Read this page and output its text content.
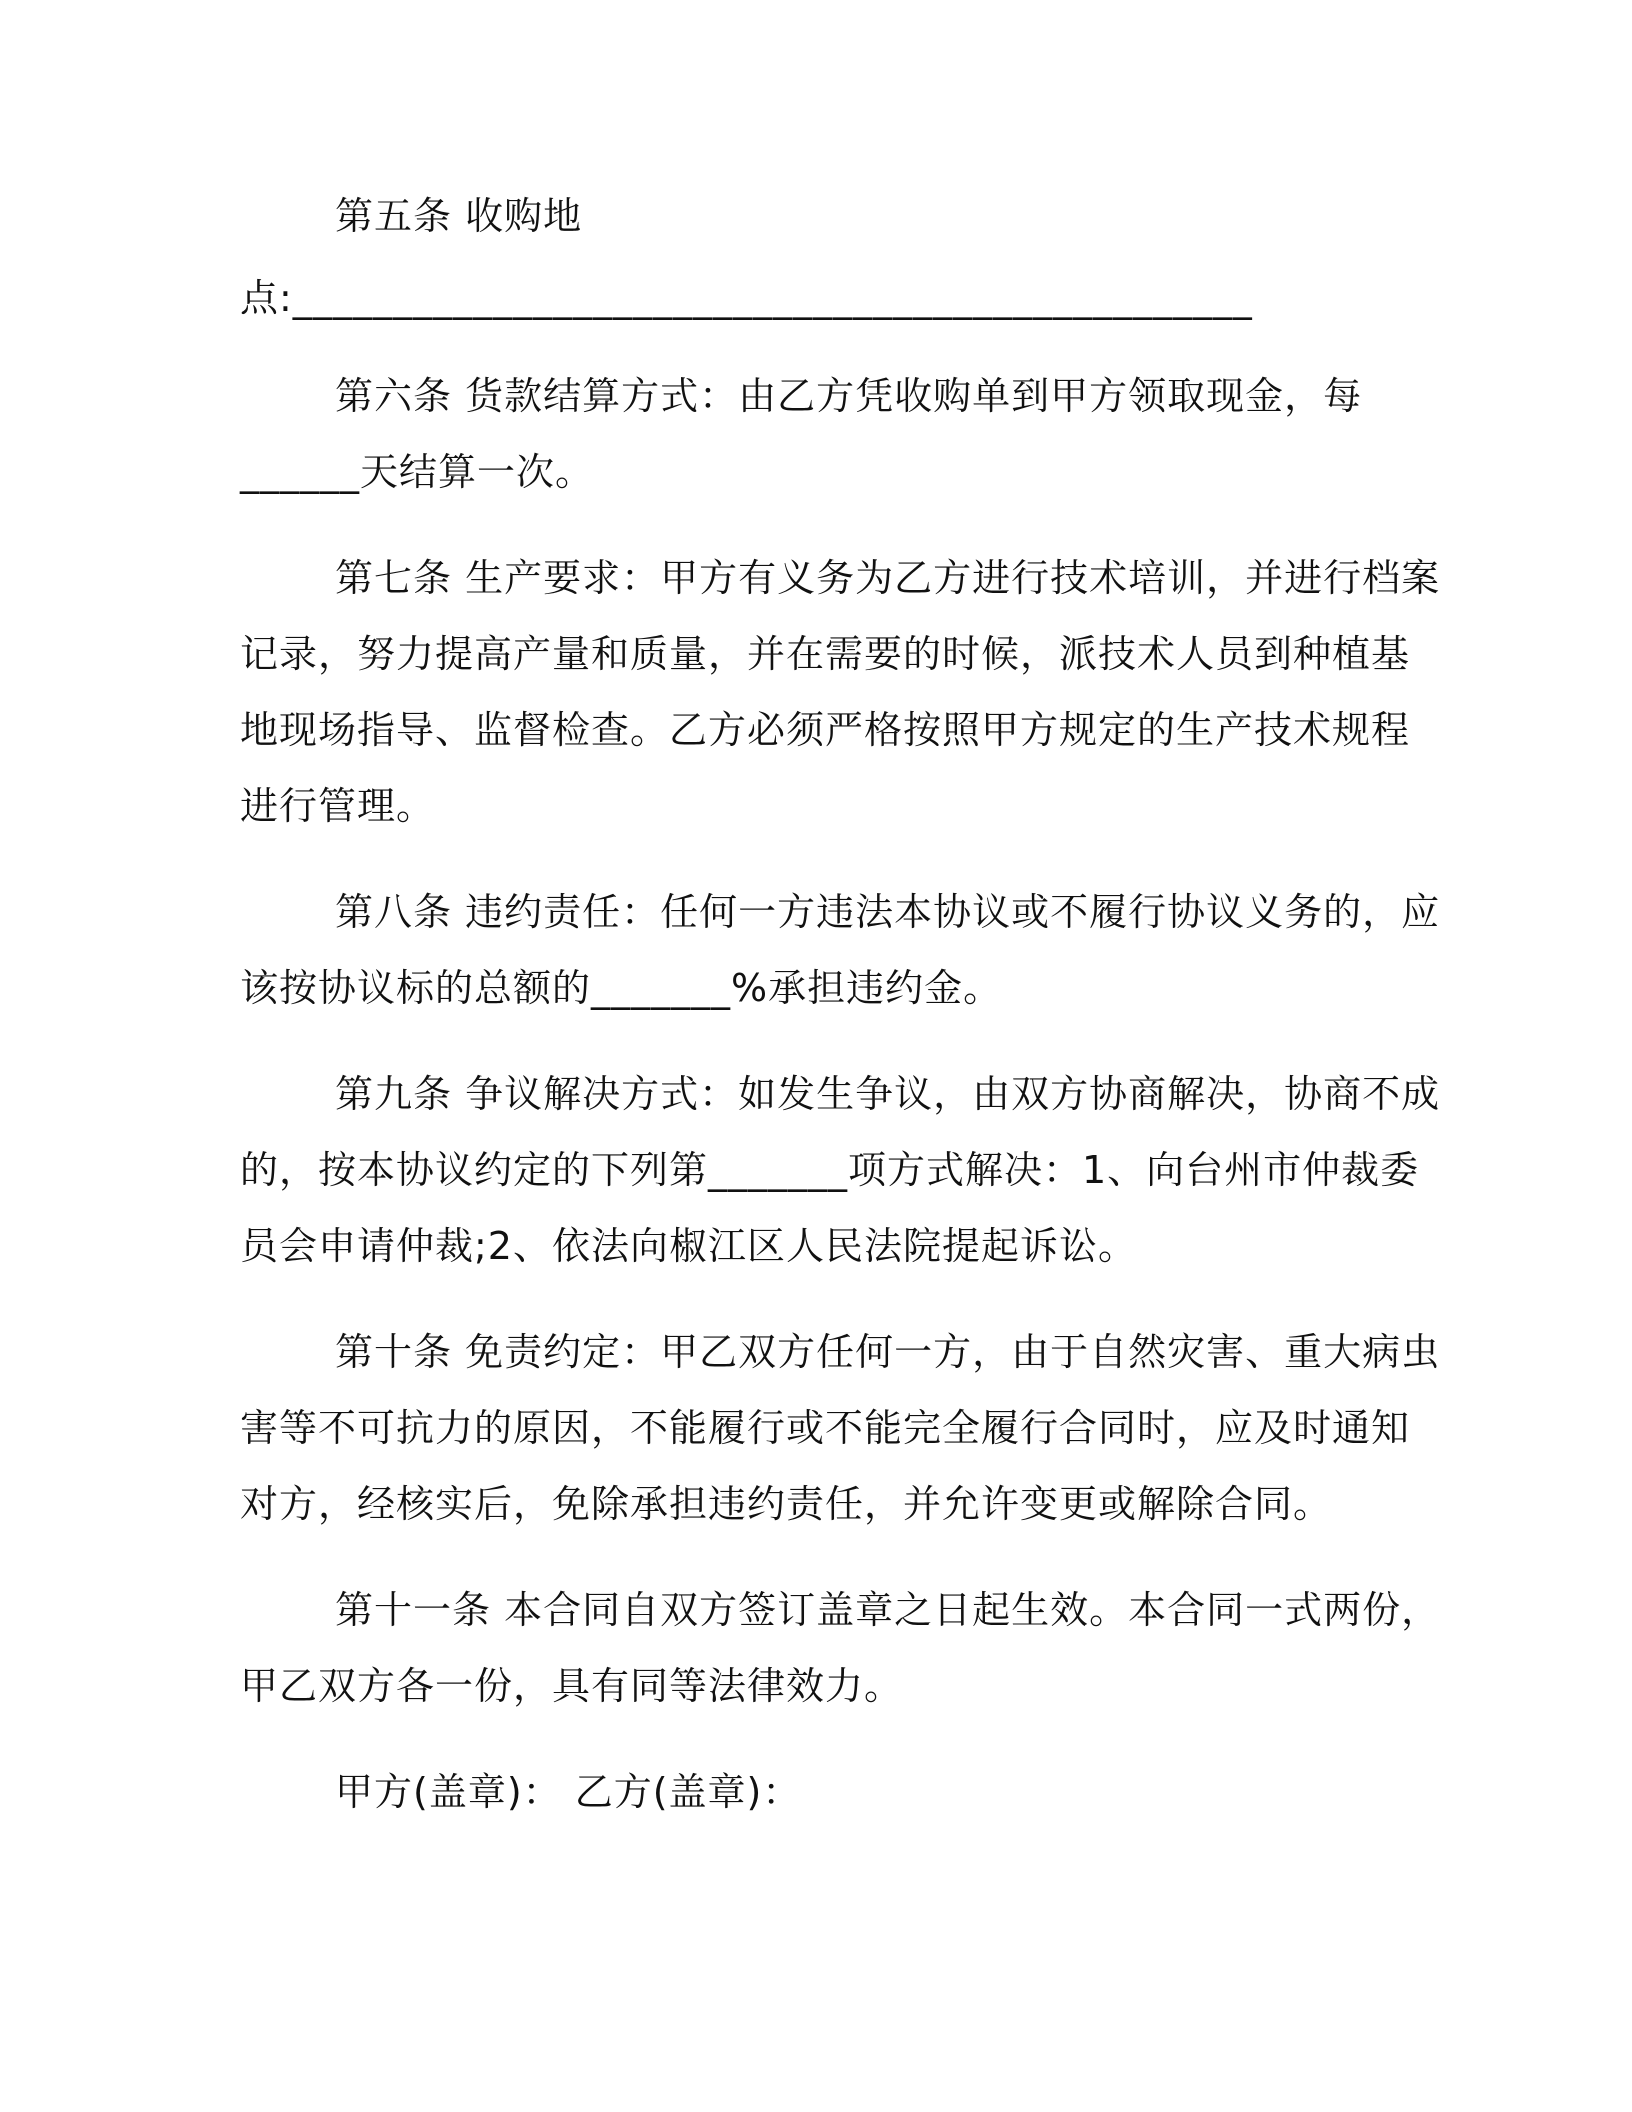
第五条 收购地
点:________________________________________________
第六条 货款结算方式：由乙方凭收购单到甲方领取现金，每
______天结算一次。
第七条 生产要求：甲方有义务为乙方进行技术培训，并进行档案
记录，努力提高产量和质量，并在需要的时候，派技术人员到种植基
地现场指导、监督检查。乙方必须严格按照甲方规定的生产技术规程
进行管理。
第八条 违约责任：任何一方违法本协议或不履行协议义务的，应
该按协议标的总额的_______%承担违约金。
第九条 争议解决方式：如发生争议，由双方协商解决，协商不成
的，按本协议约定的下列第_______项方式解决：1、向台州市仲裁委
员会申请仲裁;2、依法向椒江区人民法院提起诉讼。
第十条 免责约定：甲乙双方任何一方，由于自然灾害、重大病虫
害等不可抗力的原因，不能履行或不能完全履行合同时，应及时通知
对方，经核实后，免除承担违约责任，并允许变更或解除合同。
第十一条 本合同自双方签订盖章之日起生效。本合同一式两份，
甲乙双方各一份，具有同等法律效力。
甲方(盖章)： 乙方(盖章)：
